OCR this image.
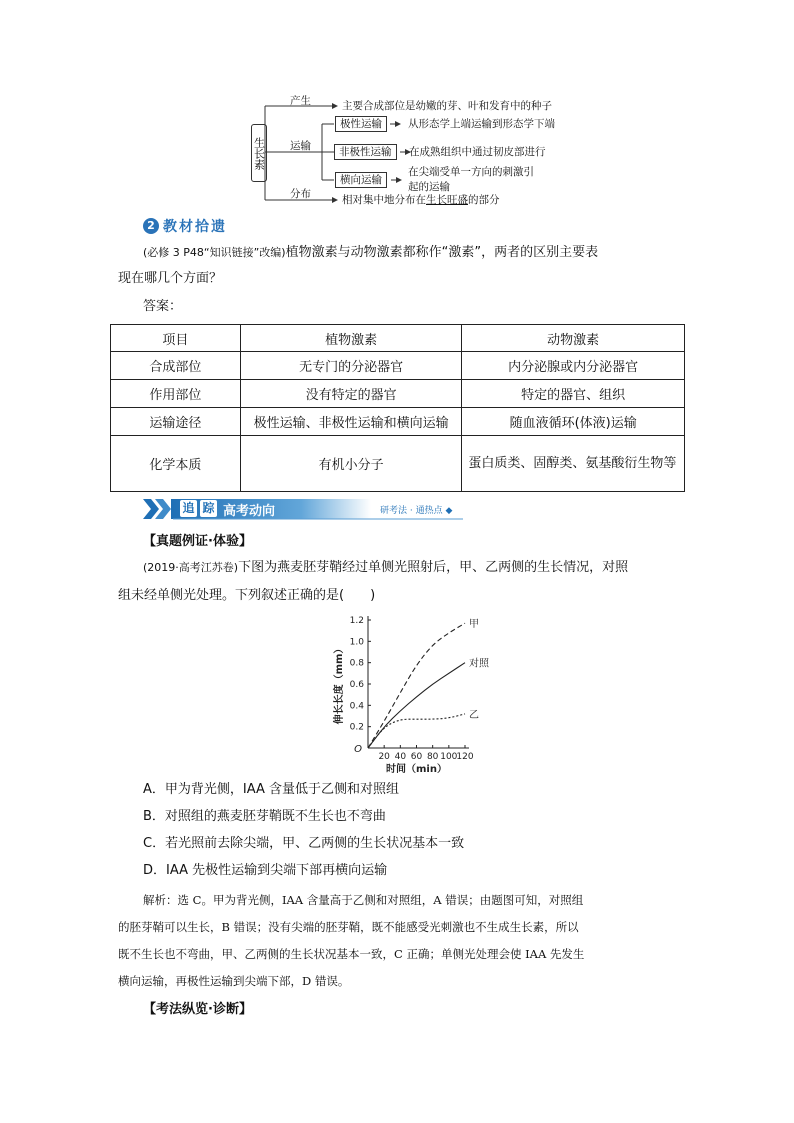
生长素
产生
运输
分布
主要合成部位是幼嫩的芽、叶和发育中的种子
极性运输	从形态学上端运输到形态学下端
非极性运输	在成熟组织中通过韧皮部进行
横向运输
在尖端受单一方向的刺激引
起的运输
相对集中地分布在生长旺盛的部分
2 教材拾遗
(必修 3 P48“知识链接”改编)植物激素与动物激素都称作“激素”，两者的区别主要表
现在哪几个方面？
答案：
项目	植物激素	动物激素
合成部位	无专门的分泌器官	内分泌腺或内分泌器官
作用部位	没有特定的器官	特定的器官、组织
运输途径	极性运输、非极性运输和横向运输	随血液循环(体液)运输
化学本质	有机小分子	蛋白质类、固醇类、氨基酸衍生物等
追 踪 高考动向	研考法 · 通热点 ◆
【真题例证·体验】
(2019·高考江苏卷)下图为燕麦胚芽鞘经过单侧光照射后，甲、乙两侧的生长情况，对照
组未经单侧光处理。下列叙述正确的是(　　)
20 40 60 80 100
120
0.2
0.4
0.6
0.8
1.0
1.2
O
甲
对照
乙
时间（min）
伸长长度（mm）
A．甲为背光侧，IAA 含量低于乙侧和对照组
B．对照组的燕麦胚芽鞘既不生长也不弯曲
C．若光照前去除尖端，甲、乙两侧的生长状况基本一致
D．IAA 先极性运输到尖端下部再横向运输
解析：选 C。甲为背光侧，IAA 含量高于乙侧和对照组，A 错误；由题图可知，对照组
的胚芽鞘可以生长，B 错误；没有尖端的胚芽鞘，既不能感受光刺激也不生成生长素，所以
既不生长也不弯曲，甲、乙两侧的生长状况基本一致，C 正确；单侧光处理会使 IAA 先发生
横向运输，再极性运输到尖端下部，D 错误。
【考法纵览·诊断】
